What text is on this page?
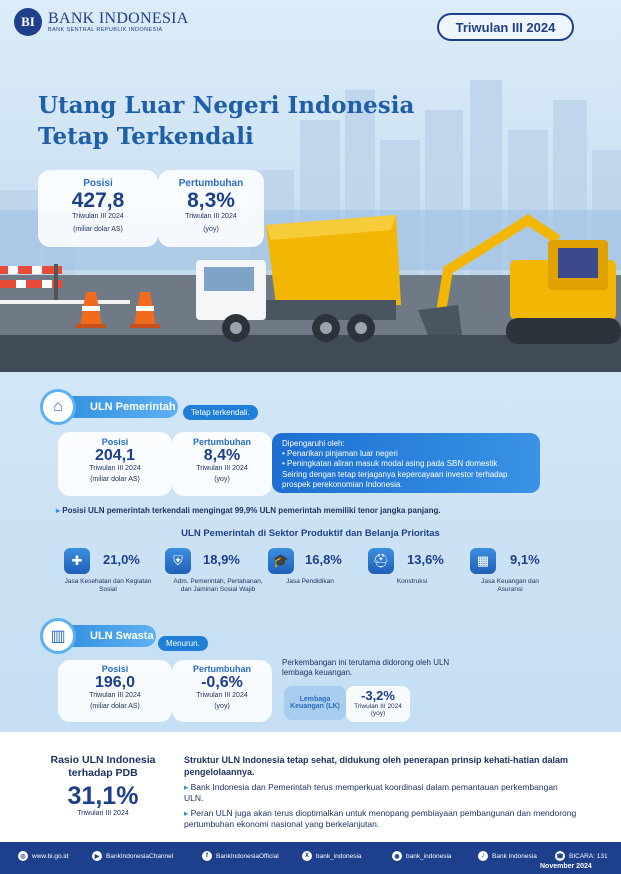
BI BANK INDONESIA
BANK SENTRAL REPUBLIK INDONESIA	Triwulan III 2024
Utang Luar Negeri Indonesia
Tetap Terkendali
Posisi
427,8
Triwulan III 2024
(miliar dolar AS)
Pertumbuhan
8,3%
Triwulan III 2024
(yoy)
ULN Pemerintah
⌂	Tetap terkendali.
Posisi
204,1
Triwulan III 2024
(miliar dolar AS)
Pertumbuhan
8,4%
Triwulan III 2024
(yoy)
Dipengaruhi oleh:
• Penarikan pinjaman luar negeri
• Peningkatan aliran masuk modal asing pada SBN domestik
Seiring dengan tetap terjaganya kepercayaan investor terhadap prospek perekonomian Indonesia.
▸ Posisi ULN pemerintah terkendali mengingat 99,9% ULN pemerintah memiliki tenor jangka panjang.
ULN Pemerintah di Sektor Produktif dan Belanja Prioritas
✚	21,0%
Jasa Kesehatan dan Kegiatan Sosial
⛨	18,9%
Adm. Pemerintah, Pertahanan, dan Jaminan Sosial Wajib
🎓	16,8%
Jasa Pendidikan
⛑	13,6%
Konstruksi
▦	9,1%
Jasa Keuangan dan Asuransi
ULN Swasta
▥	Menurun.
Posisi
196,0
Triwulan III 2024
(miliar dolar AS)
Pertumbuhan
-0,6%
Triwulan III 2024
(yoy)
Perkembangan ini terutama didorong oleh ULN lembaga keuangan.
Lembaga Keuangan (LK)
-3,2%
Triwulan III 2024
(yoy)
Rasio ULN Indonesia terhadap PDB
31,1%
Triwulan III 2024
Struktur ULN Indonesia tetap sehat, didukung oleh penerapan prinsip kehati-hatian dalam pengelolaannya.
▸ Bank Indonesia dan Pemerintah terus memperkuat koordinasi dalam pemantauan perkembangan ULN.
▸ Peran ULN juga akan terus dioptimalkan untuk menopang pembiayaan pembangunan dan mendorong pertumbuhan ekonomi nasional yang berkelanjutan.
◎ www.bi.go.id	▶	BankIndonesiaChannel	f	BankIndonesiaOfficial	X	bank_indonesia	◉ bank_indonesia	♪	Bank Indonesia	☎ BICARA: 131
November 2024
